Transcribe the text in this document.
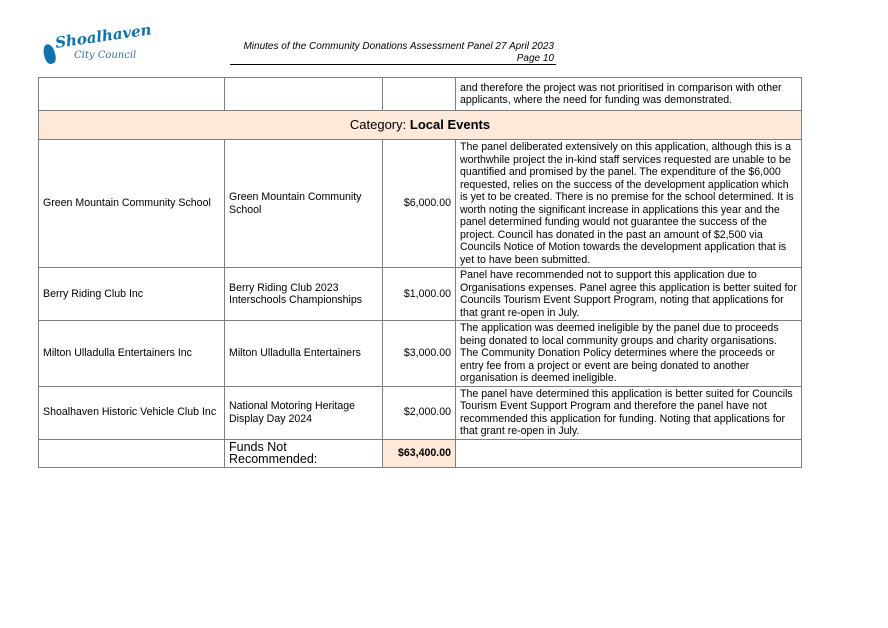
Shoalhaven
City Council
Minutes of the Community Donations Assessment Panel 27 April 2023
Page 10
			and therefore the project was not prioritised in comparison with other applicants, where the need for funding was demonstrated.
Category: Local Events			
Green Mountain Community School	Green Mountain Community School	$6,000.00	The panel deliberated extensively on this application, although this is a worthwhile project the in-kind staff services requested are unable to be quantified and promised by the panel. The expenditure of the $6,000 requested, relies on the success of the development application which is yet to be created. There is no premise for the school determined. It is worth noting the significant increase in applications this year and the panel determined funding would not guarantee the success of the project. Council has donated in the past an amount of $2,500 via Councils Notice of Motion towards the development application that is yet to have been submitted.
Berry Riding Club Inc	Berry Riding Club 2023 Interschools Championships	$1,000.00	Panel have recommended not to support this application due to Organisations expenses. Panel agree this application is better suited for Councils Tourism Event Support Program, noting that applications for that grant re-open in July.
Milton Ulladulla Entertainers Inc	Milton Ulladulla Entertainers	$3,000.00	The application was deemed ineligible by the panel due to proceeds being donated to local community groups and charity organisations. The Community Donation Policy determines where the proceeds or entry fee from a project or event are being donated to another organisation is deemed ineligible.
Shoalhaven Historic Vehicle Club Inc	National Motoring Heritage Display Day 2024	$2,000.00	The panel have determined this application is better suited for Councils Tourism Event Support Program and therefore the panel have not recommended this application for funding. Noting that applications for that grant re-open in July.
	Funds Not Recommended:	$63,400.00	
